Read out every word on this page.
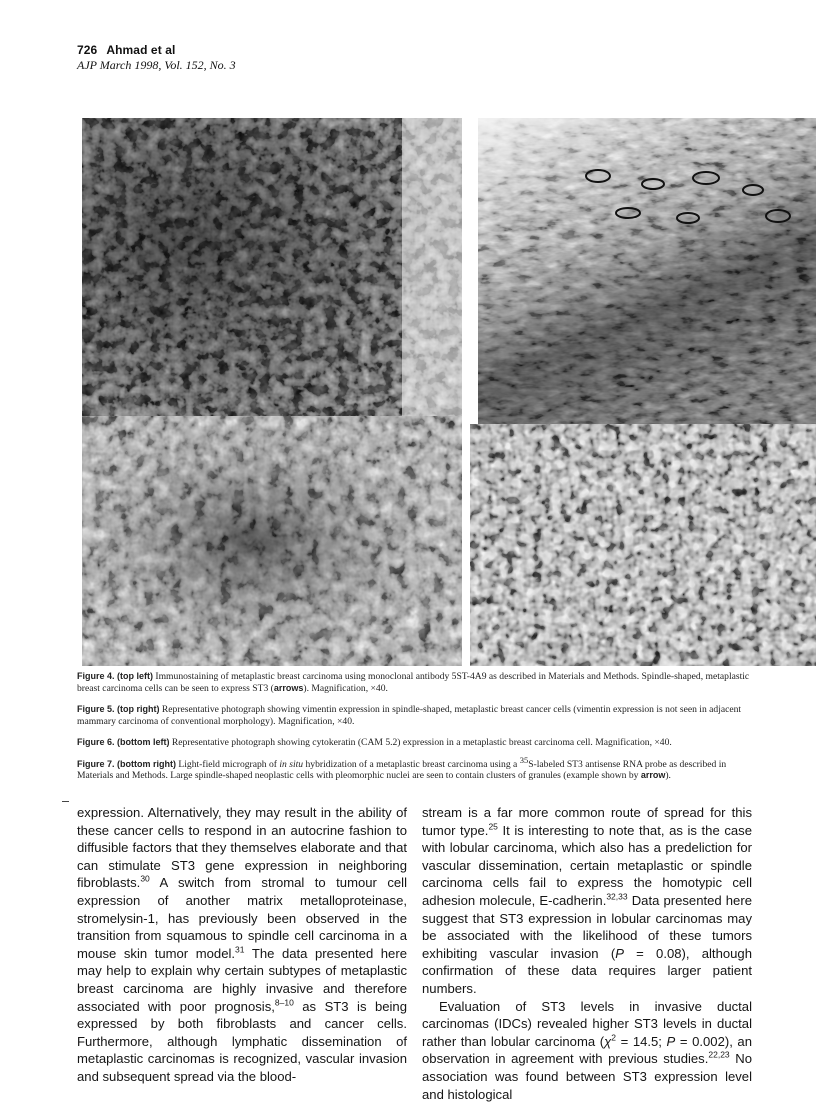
726 Ahmad et al
AJP March 1998, Vol. 152, No. 3

Figure 4. (top left) Immunostaining of metaplastic breast carcinoma using monoclonal antibody 5ST-4A9 as described in Materials and Methods. Spindle-shaped, metaplastic breast carcinoma cells can be seen to express ST3 (arrows). Magnification, ×40.

Figure 5. (top right) Representative photograph showing vimentin expression in spindle-shaped, metaplastic breast cancer cells (vimentin expression is not seen in adjacent mammary carcinoma of conventional morphology). Magnification, ×40.

Figure 6. (bottom left) Representative photograph showing cytokeratin (CAM 5.2) expression in a metaplastic breast carcinoma cell. Magnification, ×40.

Figure 7. (bottom right) Light-field micrograph of in situ hybridization of a metaplastic breast carcinoma using a $^{35}$S-labeled ST3 antisense RNA probe as described in Materials and Methods. Large spindle-shaped neoplastic cells with pleomorphic nuclei are seen to contain clusters of granules (example shown by arrow).

expression. Alternatively, they may result in the ability of these cancer cells to respond in an autocrine fashion to diffusible factors that they themselves elaborate and that can stimulate ST3 gene expression in neighboring fibroblasts.$^{30}$ A switch from stromal to tumour cell expression of another matrix metalloproteinase, stromelysin-1, has previously been observed in the transition from squamous to spindle cell carcinoma in a mouse skin tumor model.$^{31}$ The data presented here may help to explain why certain subtypes of metaplastic breast carcinoma are highly invasive and therefore associated with poor prognosis,$^{8-10}$ as ST3 is being expressed by both fibroblasts and cancer cells. Furthermore, although lymphatic dissemination of metaplastic carcinomas is recognized, vascular invasion and subsequent spread via the blood-

stream is a far more common route of spread for this tumor type.$^{25}$ It is interesting to note that, as is the case with lobular carcinoma, which also has a predeliction for vascular dissemination, certain metaplastic or spindle carcinoma cells fail to express the homotypic cell adhesion molecule, E-cadherin.$^{32,33}$ Data presented here suggest that ST3 expression in lobular carcinomas may be associated with the likelihood of these tumors exhibiting vascular invasion (P = 0.08), although confirmation of these data requires larger patient numbers.

Evaluation of ST3 levels in invasive ductal carcinomas (IDCs) revealed higher ST3 levels in ductal rather than lobular carcinoma ($\chi^2 = 14.5$; P = 0.002), an observation in agreement with previous studies.$^{22,23}$ No association was found between ST3 expression level and histological
